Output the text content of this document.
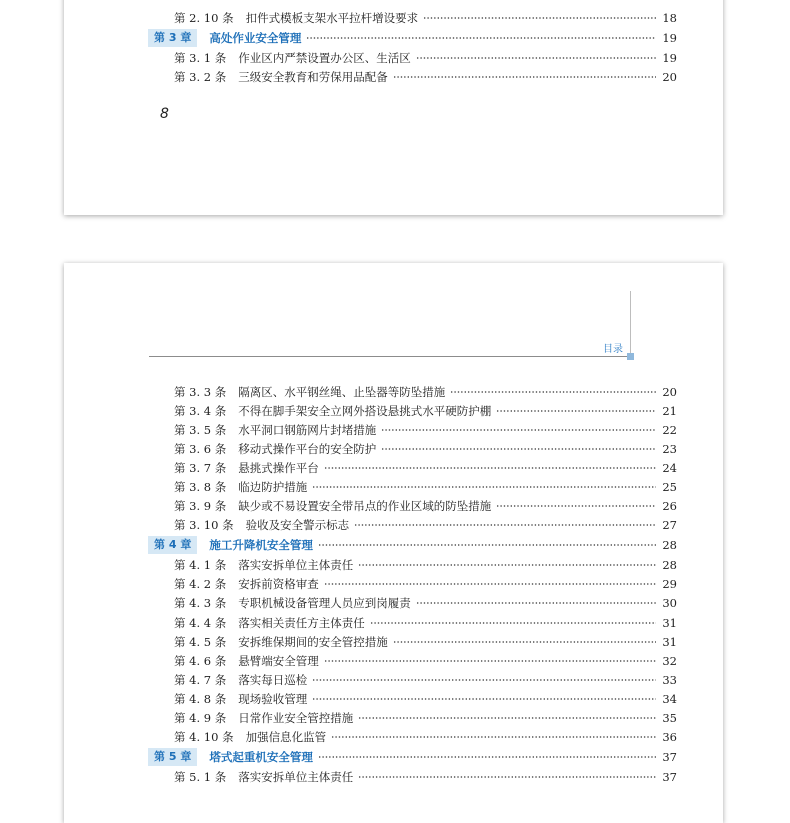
第 2. 10 条 扣件式模板支架水平拉杆增设要求	18
第 3 章	高处作业安全管理	19
第 3. 1 条 作业区内严禁设置办公区、生活区	19
第 3. 2 条 三级安全教育和劳保用品配备	20
8
目录
第 3. 3 条 隔离区、水平钢丝绳、止坠器等防坠措施	20
第 3. 4 条 不得在脚手架安全立网外搭设悬挑式水平硬防护棚	21
第 3. 5 条 水平洞口钢筋网片封堵措施	22
第 3. 6 条 移动式操作平台的安全防护	23
第 3. 7 条 悬挑式操作平台	24
第 3. 8 条 临边防护措施	25
第 3. 9 条 缺少或不易设置安全带吊点的作业区域的防坠措施	26
第 3. 10 条 验收及安全警示标志	27
第 4 章	施工升降机安全管理	28
第 4. 1 条 落实安拆单位主体责任	28
第 4. 2 条 安拆前资格审查	29
第 4. 3 条 专职机械设备管理人员应到岗履责	30
第 4. 4 条 落实相关责任方主体责任	31
第 4. 5 条 安拆维保期间的安全管控措施	31
第 4. 6 条 悬臂端安全管理	32
第 4. 7 条 落实每日巡检	33
第 4. 8 条 现场验收管理	34
第 4. 9 条 日常作业安全管控措施	35
第 4. 10 条 加强信息化监管	36
第 5 章	塔式起重机安全管理	37
第 5. 1 条 落实安拆单位主体责任	37
